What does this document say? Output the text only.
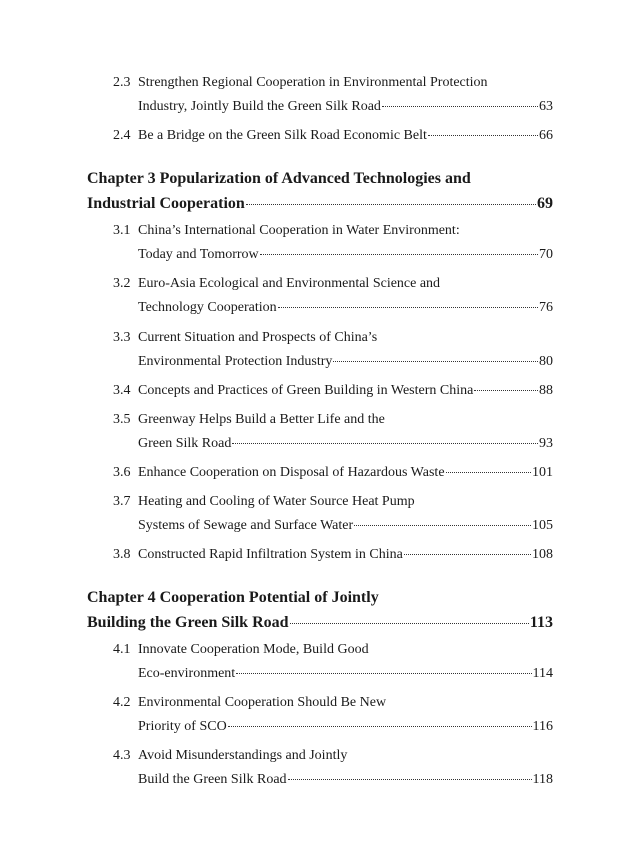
2.3 Strengthen Regional Cooperation in Environmental Protection
Industry, Jointly Build the Green Silk Road	63
2.4 Be a Bridge on the Green Silk Road Economic Belt	66
Chapter 3 Popularization of Advanced Technologies and
Industrial Cooperation	69
3.1 China’s International Cooperation in Water Environment:
Today and Tomorrow	70
3.2 Euro-Asia Ecological and Environmental Science and
Technology Cooperation	76
3.3 Current Situation and Prospects of China’s
Environmental Protection Industry	80
3.4 Concepts and Practices of Green Building in Western China	88
3.5 Greenway Helps Build a Better Life and the
Green Silk Road	93
3.6 Enhance Cooperation on Disposal of Hazardous Waste	101
3.7 Heating and Cooling of Water Source Heat Pump
Systems of Sewage and Surface Water	105
3.8 Constructed Rapid Infiltration System in China	108
Chapter 4 Cooperation Potential of Jointly
Building the Green Silk Road	113
4.1 Innovate Cooperation Mode, Build Good
Eco-environment	114
4.2 Environmental Cooperation Should Be New
Priority of SCO	116
4.3 Avoid Misunderstandings and Jointly
Build the Green Silk Road	118
